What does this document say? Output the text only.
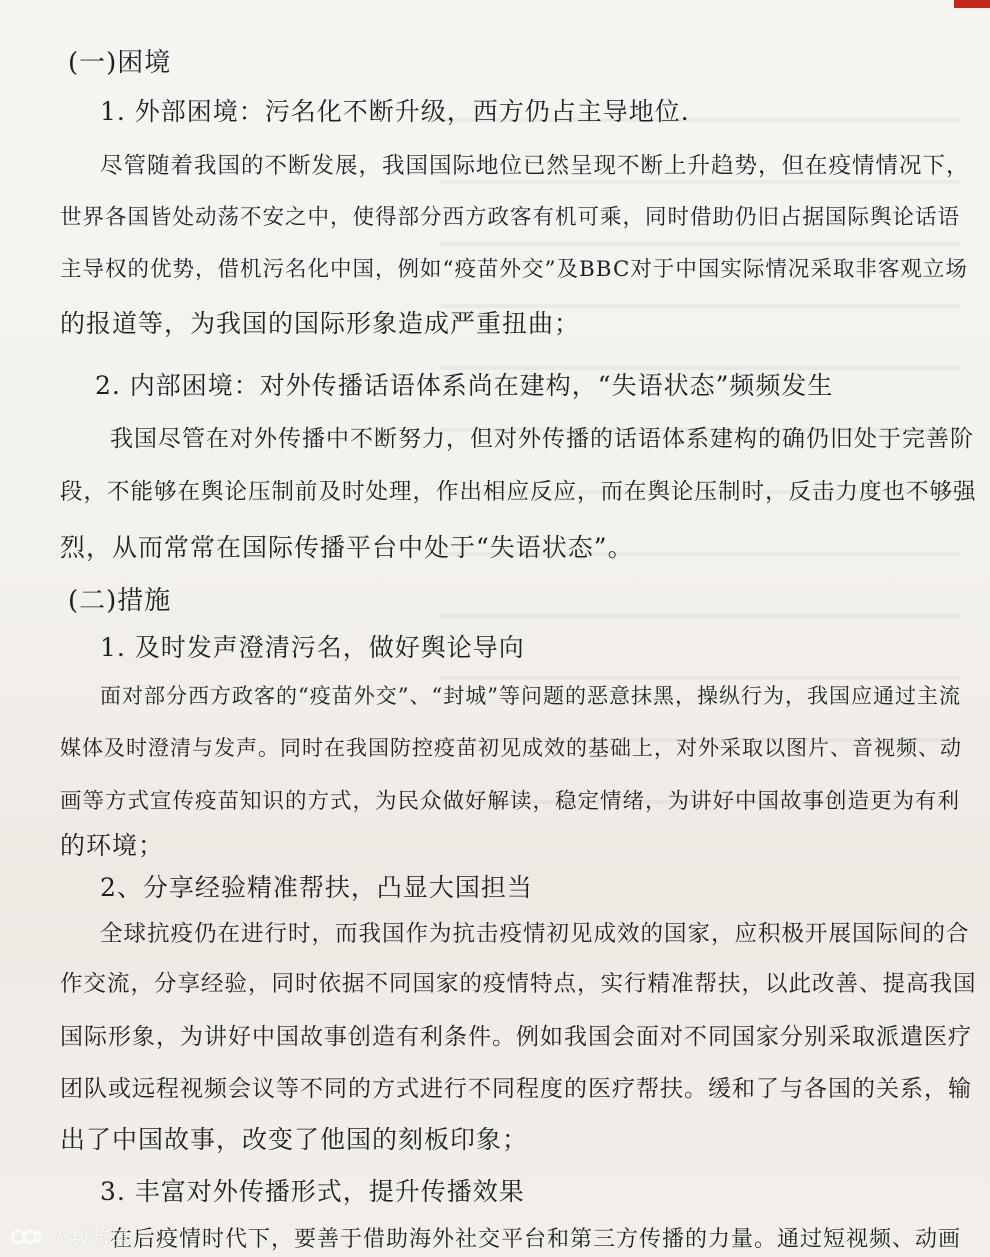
(一)困境
1. 外部困境：污名化不断升级，西方仍占主导地位.
尽管随着我国的不断发展，我国国际地位已然呈现不断上升趋势，但在疫情情况下，
世界各国皆处动荡不安之中，使得部分西方政客有机可乘，同时借助仍旧占据国际舆论话语
主导权的优势，借机污名化中国，例如“疫苗外交”及BBC对于中国实际情况采取非客观立场
的报道等，为我国的国际形象造成严重扭曲；
2. 内部困境：对外传播话语体系尚在建构，“失语状态”频频发生
我国尽管在对外传播中不断努力，但对外传播的话语体系建构的确仍旧处于完善阶
段，不能够在舆论压制前及时处理，作出相应反应，而在舆论压制时，反击力度也不够强
烈，从而常常在国际传播平台中处于“失语状态”。
(二)措施
1. 及时发声澄清污名，做好舆论导向
面对部分西方政客的“疫苗外交”、“封城”等问题的恶意抹黑，操纵行为，我国应通过主流
媒体及时澄清与发声。同时在我国防控疫苗初见成效的基础上，对外采取以图片、音视频、动
画等方式宣传疫苗知识的方式，为民众做好解读，稳定情绪，为讲好中国故事创造更为有利
的环境；
2、分享经验精准帮扶，凸显大国担当
全球抗疫仍在进行时，而我国作为抗击疫情初见成效的国家，应积极开展国际间的合
作交流，分享经验，同时依据不同国家的疫情特点，实行精准帮扶，以此改善、提高我国
国际形象，为讲好中国故事创造有利条件。例如我国会面对不同国家分别采取派遣医疗
团队或远程视频会议等不同的方式进行不同程度的医疗帮扶。缓和了与各国的关系，输
出了中国故事，改变了他国的刻板印象；
3. 丰富对外传播形式，提升传播效果
在后疫情时代下，要善于借助海外社交平台和第三方传播的力量。通过短视频、动画
大数跨境
